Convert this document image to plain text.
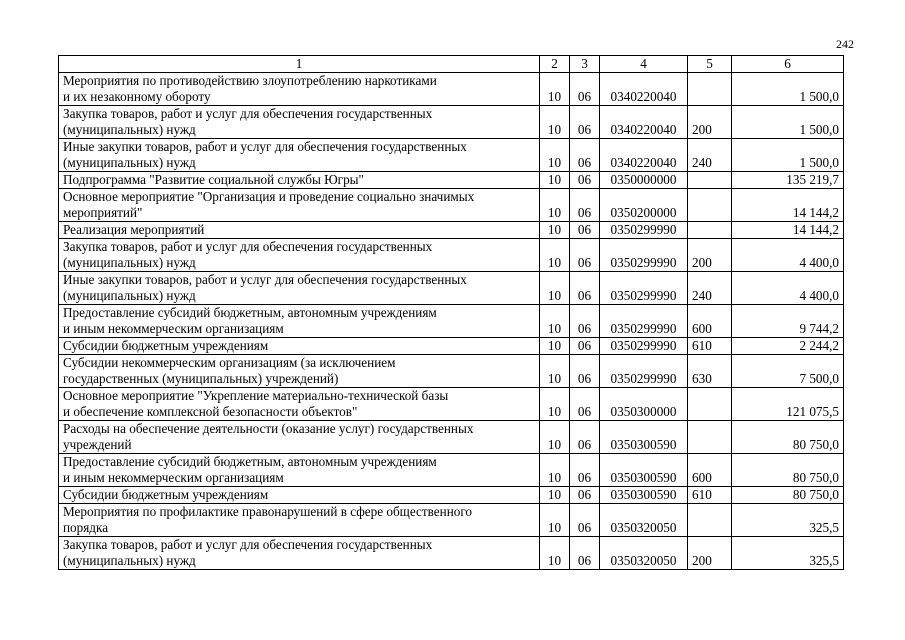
242
1	2	3	4	5	6
Мероприятия по противодействию злоупотреблению наркотиками
и их незаконному обороту	10	06	0340220040		1 500,0
Закупка товаров, работ и услуг для обеспечения государственных
(муниципальных) нужд	10	06	0340220040	200	1 500,0
Иные закупки товаров, работ и услуг для обеспечения государственных
(муниципальных) нужд	10	06	0340220040	240	1 500,0
Подпрограмма "Развитие социальной службы Югры"	10	06	0350000000		135 219,7
Основное мероприятие "Организация и проведение социально значимых
мероприятий"	10	06	0350200000		14 144,2
Реализация мероприятий	10	06	0350299990		14 144,2
Закупка товаров, работ и услуг для обеспечения государственных
(муниципальных) нужд	10	06	0350299990	200	4 400,0
Иные закупки товаров, работ и услуг для обеспечения государственных
(муниципальных) нужд	10	06	0350299990	240	4 400,0
Предоставление субсидий бюджетным, автономным учреждениям
и иным некоммерческим организациям	10	06	0350299990	600	9 744,2
Субсидии бюджетным учреждениям	10	06	0350299990	610	2 244,2
Субсидии некоммерческим организациям (за исключением
государственных (муниципальных) учреждений)	10	06	0350299990	630	7 500,0
Основное мероприятие "Укрепление материально-технической базы
и обеспечение комплексной безопасности объектов"	10	06	0350300000		121 075,5
Расходы на обеспечение деятельности (оказание услуг) государственных
учреждений	10	06	0350300590		80 750,0
Предоставление субсидий бюджетным, автономным учреждениям
и иным некоммерческим организациям	10	06	0350300590	600	80 750,0
Субсидии бюджетным учреждениям	10	06	0350300590	610	80 750,0
Мероприятия по профилактике правонарушений в сфере общественного
порядка	10	06	0350320050		325,5
Закупка товаров, работ и услуг для обеспечения государственных
(муниципальных) нужд	10	06	0350320050	200	325,5
